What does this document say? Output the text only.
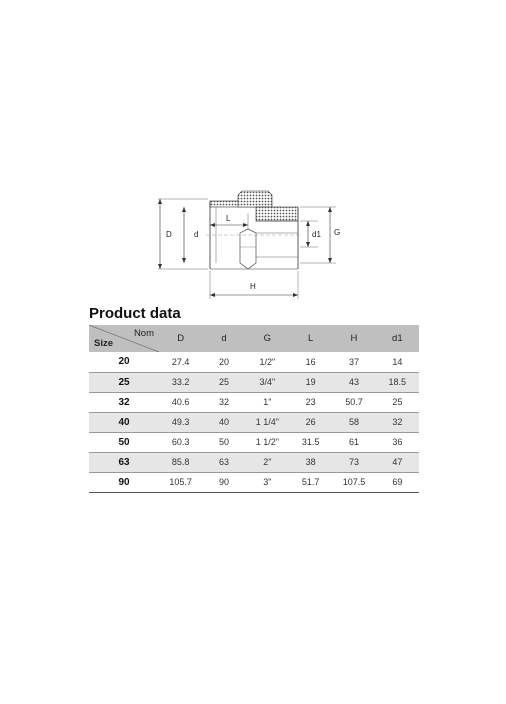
D	d
L
d1 G
H
Product data
Nom
Size	D	d	G	L	H	d1
20	27.4	20	1/2"	16	37	14
25	33.2	25	3/4"	19	43	18.5
32	40.6	32	1"	23	50.7	25
40	49.3	40	1 1/4"	26	58	32
50	60.3	50	1 1/2"	31.5	61	36
63	85.8	63	2"	38	73	47
90	105.7	90	3"	51.7	107.5	69
